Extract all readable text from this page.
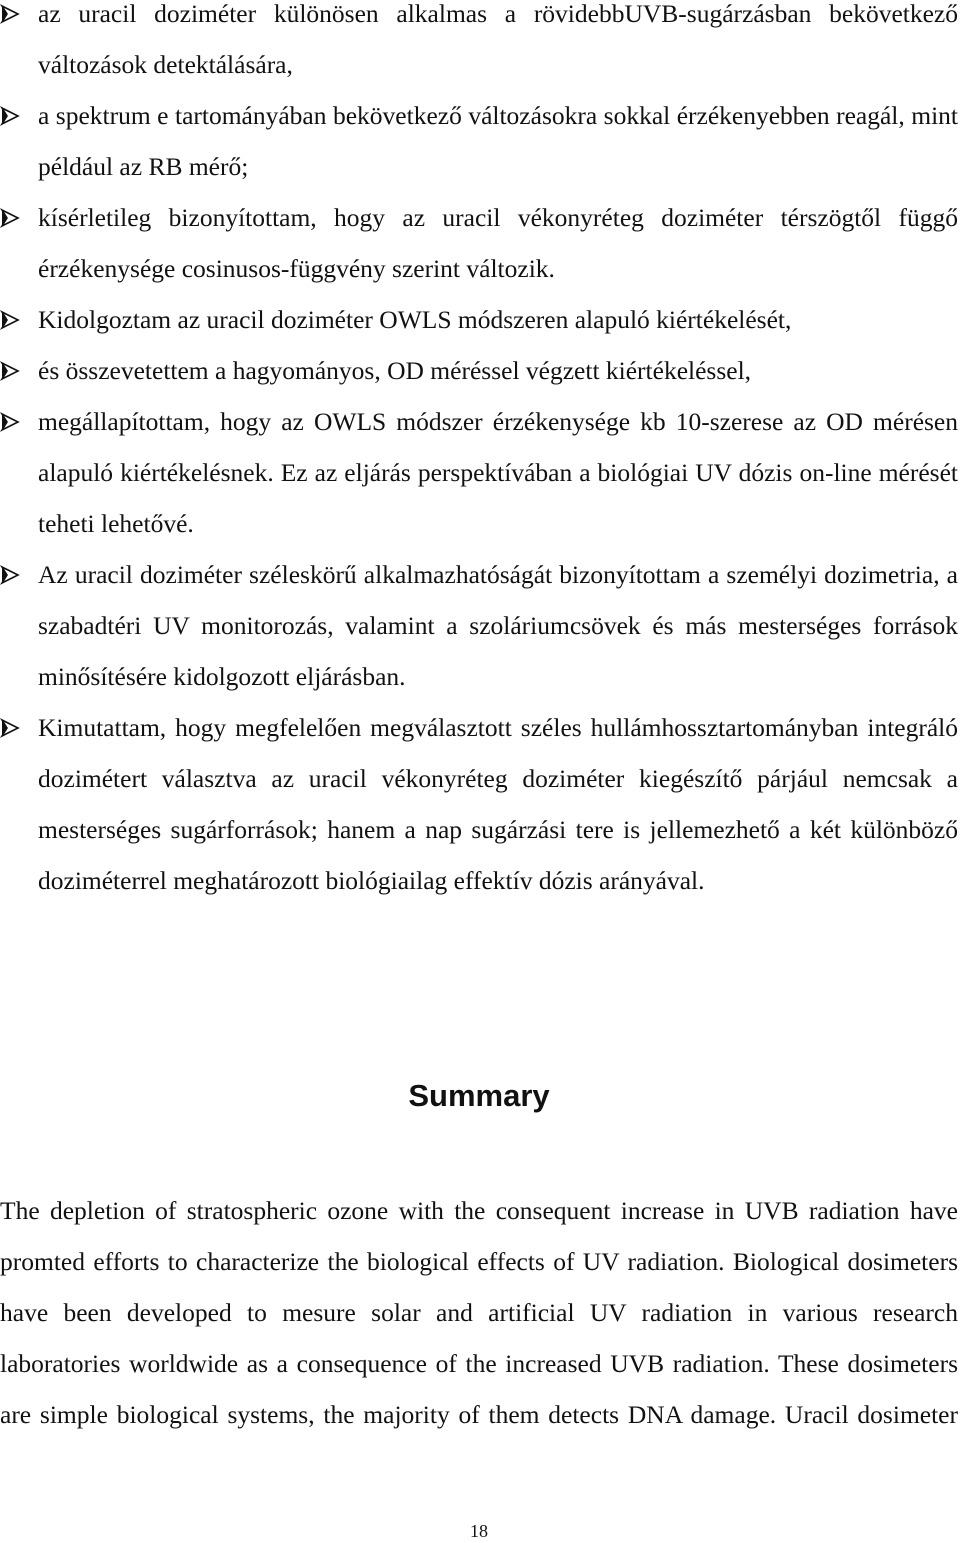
az uracil doziméter különösen alkalmas a rövidebbUVB-sugárzásban bekövetkező változások detektálására,
a spektrum e tartományában bekövetkező változásokra sokkal érzékenyebben reagál, mint például az RB mérő;
kísérletileg bizonyítottam, hogy az uracil vékonyréteg doziméter térszögtől függő érzékenysége cosinusos-függvény szerint változik.
Kidolgoztam az uracil doziméter OWLS módszeren alapuló kiértékelését,
és összevetettem a hagyományos, OD méréssel végzett kiértékeléssel,
megállapítottam, hogy az OWLS módszer érzékenysége kb 10-szerese az OD mérésen alapuló kiértékelésnek. Ez az eljárás perspektívában a biológiai UV dózis on-line mérését teheti lehetővé.
Az uracil doziméter széleskörű alkalmazhatóságát bizonyítottam a személyi dozimetria, a szabadtéri UV monitorozás, valamint a szoláriumcsövek és más mesterséges források minősítésére kidolgozott eljárásban.
Kimutattam, hogy megfelelően megválasztott széles hullámhossztartományban integráló dozimétert választva az uracil vékonyréteg doziméter kiegészítő párjául nemcsak a mesterséges sugárforrások; hanem a nap sugárzási tere is jellemezhető a két különböző doziméterrel meghatározott biológiailag effektív dózis arányával.
Summary

The depletion of stratospheric ozone with the consequent increase in UVB radiation have promted efforts to characterize the biological effects of UV radiation. Biological dosimeters have been developed to mesure solar and artificial UV radiation in various research laboratories worldwide as a consequence of the increased UVB radiation. These dosimeters are simple biological systems, the majority of them detects DNA damage. Uracil dosimeter

18
